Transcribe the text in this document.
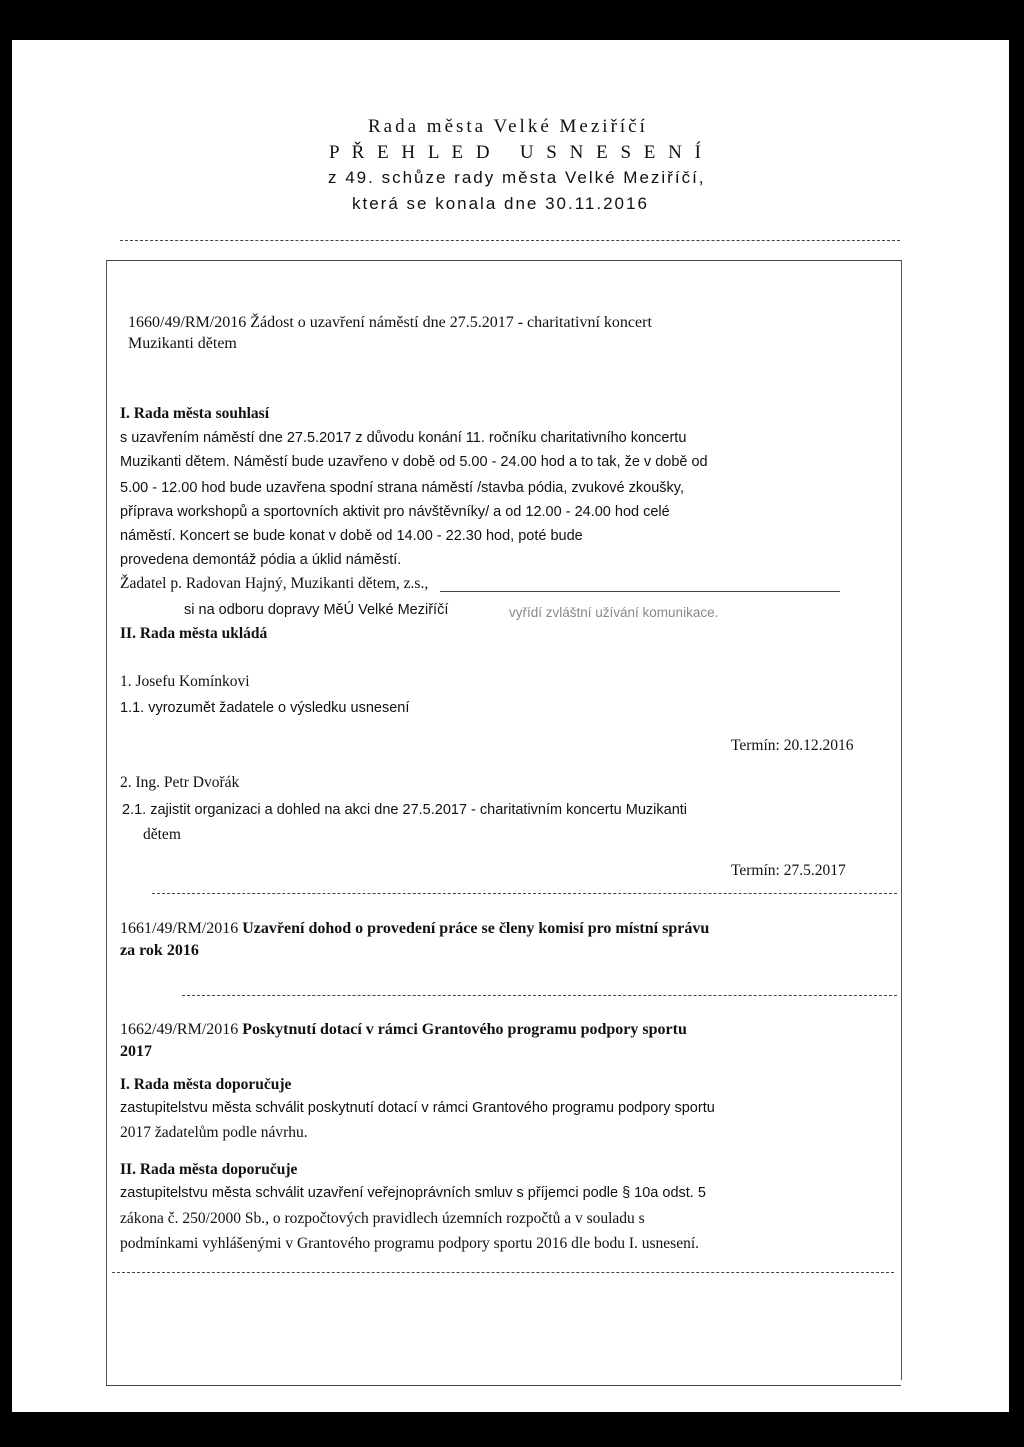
Rada města Velké Meziříčí
P Ř E H L E D   U S N E S E N Í
z 49. schůze rady města Velké Meziříčí,
která se konala dne 30.11.2016
1660/49/RM/2016 Žádost o uzavření náměstí dne 27.5.2017 - charitativní koncert
Muzikanti dětem
I. Rada města souhlasí
s uzavřením náměstí dne 27.5.2017 z důvodu konání 11. ročníku charitativního koncertu
Muzikanti dětem. Náměstí bude uzavřeno v době od 5.00 - 24.00 hod a to tak, že v době od
5.00 - 12.00 hod bude uzavřena spodní strana náměstí /stavba pódia, zvukové zkoušky,
příprava workshopů a sportovních aktivit pro návštěvníky/ a od 12.00 - 24.00 hod celé
náměstí. Koncert se bude konat v době od 14.00 - 22.30 hod, poté bude
provedena demontáž pódia a úklid náměstí.
Žadatel p. Radovan Hajný, Muzikanti dětem, z.s.,
si na odboru dopravy MěÚ Velké Meziříčí	vyřídí zvláštní užívání komunikace.
II. Rada města ukládá
1. Josefu Komínkovi
1.1. vyrozumět žadatele o výsledku usnesení
Termín: 20.12.2016
2. Ing. Petr Dvořák
2.1. zajistit organizaci a dohled na akci dne 27.5.2017 - charitativním koncertu Muzikanti
dětem
Termín: 27.5.2017
1661/49/RM/2016 Uzavření dohod o provedení práce se členy komisí pro místní správu
za rok 2016
1662/49/RM/2016 Poskytnutí dotací v rámci Grantového programu podpory sportu
2017
I. Rada města doporučuje
zastupitelstvu města schválit poskytnutí dotací v rámci Grantového programu podpory sportu
2017 žadatelům podle návrhu.
II. Rada města doporučuje
zastupitelstvu města schválit uzavření veřejnoprávních smluv s příjemci podle § 10a odst. 5
zákona č. 250/2000 Sb., o rozpočtových pravidlech územních rozpočtů a v souladu s
podmínkami vyhlášenými v Grantového programu podpory sportu 2016 dle bodu I. usnesení.
